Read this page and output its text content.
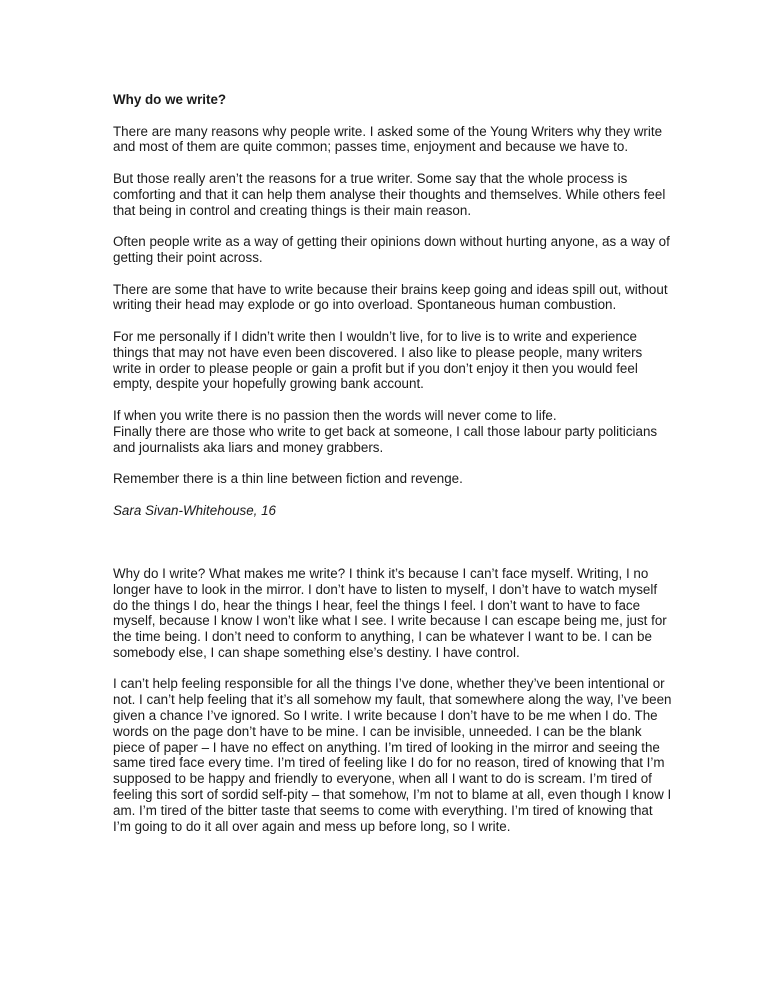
Why do we write?

There are many reasons why people write. I asked some of the Young Writers why they write and most of them are quite common; passes time, enjoyment and because we have to.

But those really aren’t the reasons for a true writer. Some say that the whole process is comforting and that it can help them analyse their thoughts and themselves. While others feel that being in control and creating things is their main reason.

Often people write as a way of getting their opinions down without hurting anyone, as a way of getting their point across.

There are some that have to write because their brains keep going and ideas spill out, without writing their head may explode or go into overload. Spontaneous human combustion.

For me personally if I didn’t write then I wouldn’t live, for to live is to write and experience things that may not have even been discovered. I also like to please people, many writers write in order to please people or gain a profit but if you don’t enjoy it then you would feel empty, despite your hopefully growing bank account.

If when you write there is no passion then the words will never come to life.

Finally there are those who write to get back at someone, I call those labour party politicians and journalists aka liars and money grabbers.

Remember there is a thin line between fiction and revenge.

Sara Sivan-Whitehouse, 16

Why do I write? What makes me write? I think it’s because I can’t face myself. Writing, I no longer have to look in the mirror. I don’t have to listen to myself, I don’t have to watch myself do the things I do, hear the things I hear, feel the things I feel. I don’t want to have to face myself, because I know I won’t like what I see. I write because I can escape being me, just for the time being. I don’t need to conform to anything, I can be whatever I want to be. I can be somebody else, I can shape something else’s destiny. I have control.

I can’t help feeling responsible for all the things I’ve done, whether they’ve been intentional or not. I can’t help feeling that it’s all somehow my fault, that somewhere along the way, I’ve been given a chance I’ve ignored. So I write. I write because I don’t have to be me when I do. The words on the page don’t have to be mine. I can be invisible, unneeded. I can be the blank piece of paper – I have no effect on anything. I’m tired of looking in the mirror and seeing the same tired face every time. I’m tired of feeling like I do for no reason, tired of knowing that I’m supposed to be happy and friendly to everyone, when all I want to do is scream. I’m tired of feeling this sort of sordid self-pity – that somehow, I’m not to blame at all, even though I know I am. I’m tired of the bitter taste that seems to come with everything. I’m tired of knowing that I’m going to do it all over again and mess up before long, so I write.
